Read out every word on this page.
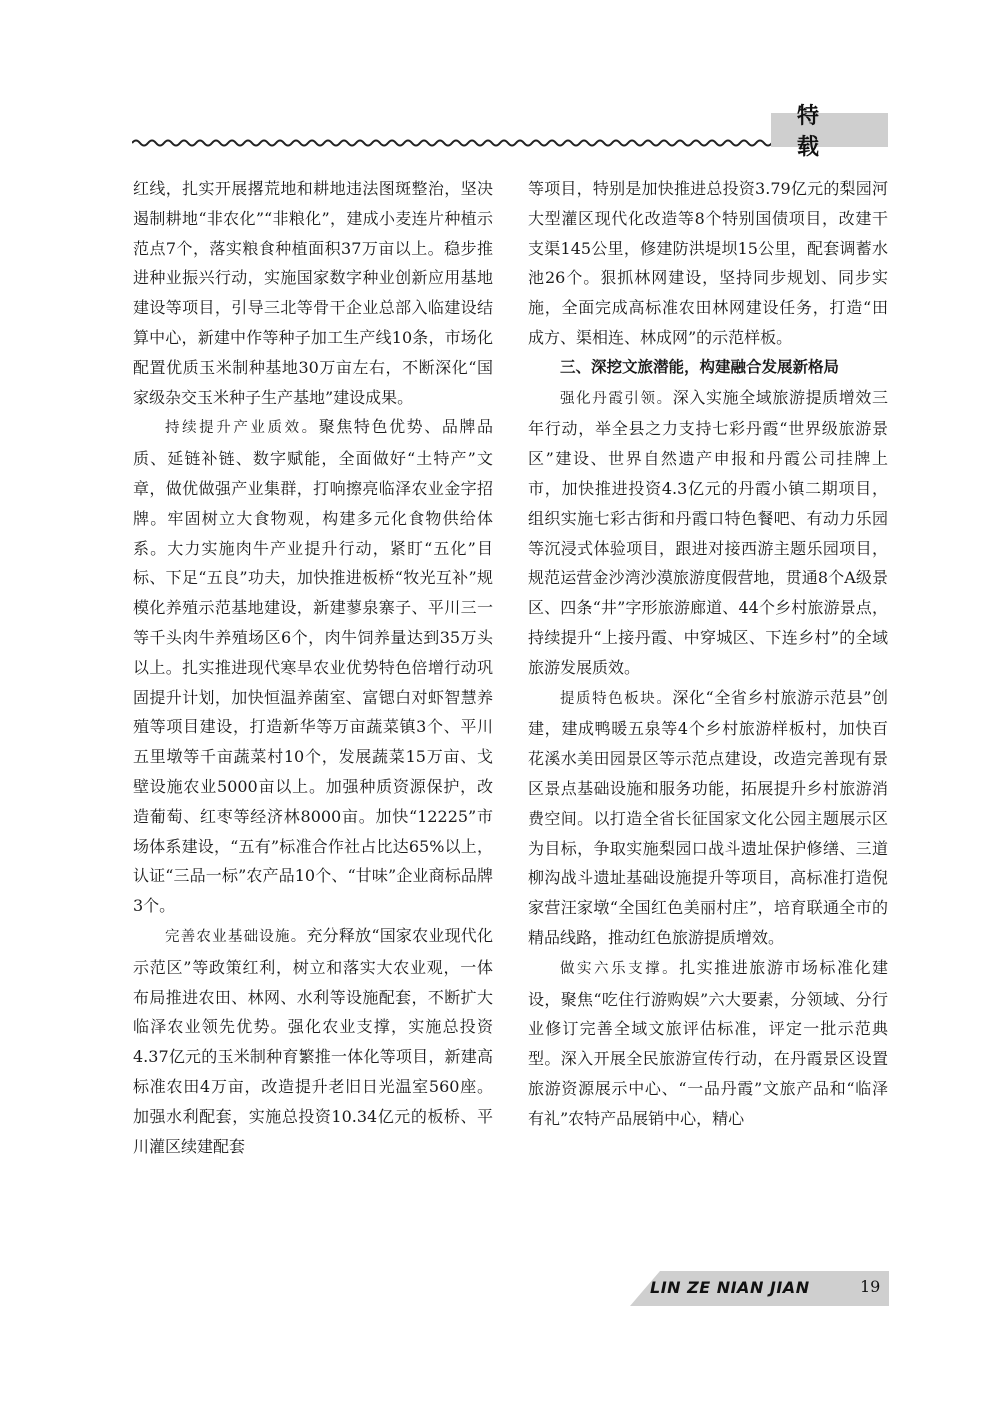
特 载

红线，扎实开展撂荒地和耕地违法图斑整治，坚决遏制耕地“非农化”“非粮化”，建成小麦连片种植示范点7个，落实粮食种植面积37万亩以上。稳步推进种业振兴行动，实施国家数字种业创新应用基地建设等项目，引导三北等骨干企业总部入临建设结算中心，新建中作等种子加工生产线10条，市场化配置优质玉米制种基地30万亩左右，不断深化“国家级杂交玉米种子生产基地”建设成果。

持续提升产业质效。聚焦特色优势、品牌品质、延链补链、数字赋能，全面做好“土特产”文章，做优做强产业集群，打响擦亮临泽农业金字招牌。牢固树立大食物观，构建多元化食物供给体系。大力实施肉牛产业提升行动，紧盯“五化”目标、下足“五良”功夫，加快推进板桥“牧光互补”规模化养殖示范基地建设，新建蓼泉寨子、平川三一等千头肉牛养殖场区6个，肉牛饲养量达到35万头以上。扎实推进现代寒旱农业优势特色倍增行动巩固提升计划，加快恒温养菌室、富锶白对虾智慧养殖等项目建设，打造新华等万亩蔬菜镇3个、平川五里墩等千亩蔬菜村10个，发展蔬菜15万亩、戈壁设施农业5000亩以上。加强种质资源保护，改造葡萄、红枣等经济林8000亩。加快“12225”市场体系建设，“五有”标准合作社占比达65%以上，认证“三品一标”农产品10个、“甘味”企业商标品牌3个。

完善农业基础设施。充分释放“国家农业现代化示范区”等政策红利，树立和落实大农业观，一体布局推进农田、林网、水利等设施配套，不断扩大临泽农业领先优势。强化农业支撑，实施总投资4.37亿元的玉米制种育繁推一体化等项目，新建高标准农田4万亩，改造提升老旧日光温室560座。加强水利配套，实施总投资10.34亿元的板桥、平川灌区续建配套

等项目，特别是加快推进总投资3.79亿元的梨园河大型灌区现代化改造等8个特别国债项目，改建干支渠145公里，修建防洪堤坝15公里，配套调蓄水池26个。狠抓林网建设，坚持同步规划、同步实施，全面完成高标准农田林网建设任务，打造“田成方、渠相连、林成网”的示范样板。

三、深挖文旅潜能，构建融合发展新格局

强化丹霞引领。深入实施全域旅游提质增效三年行动，举全县之力支持七彩丹霞“世界级旅游景区”建设、世界自然遗产申报和丹霞公司挂牌上市，加快推进投资4.3亿元的丹霞小镇二期项目，组织实施七彩古街和丹霞口特色餐吧、有动力乐园等沉浸式体验项目，跟进对接西游主题乐园项目，规范运营金沙湾沙漠旅游度假营地，贯通8个A级景区、四条“井”字形旅游廊道、44个乡村旅游景点，持续提升“上接丹霞、中穿城区、下连乡村”的全域旅游发展质效。

提质特色板块。深化“全省乡村旅游示范县”创建，建成鸭暖五泉等4个乡村旅游样板村，加快百花溪水美田园景区等示范点建设，改造完善现有景区景点基础设施和服务功能，拓展提升乡村旅游消费空间。以打造全省长征国家文化公园主题展示区为目标，争取实施梨园口战斗遗址保护修缮、三道柳沟战斗遗址基础设施提升等项目，高标准打造倪家营汪家墩“全国红色美丽村庄”，培育联通全市的精品线路，推动红色旅游提质增效。

做实六乐支撑。扎实推进旅游市场标准化建设，聚焦“吃住行游购娱”六大要素，分领域、分行业修订完善全域文旅评估标准，评定一批示范典型。深入开展全民旅游宣传行动，在丹霞景区设置旅游资源展示中心、“一品丹霞”文旅产品和“临泽有礼”农特产品展销中心，精心

LIN ZE NIAN JIAN	19
